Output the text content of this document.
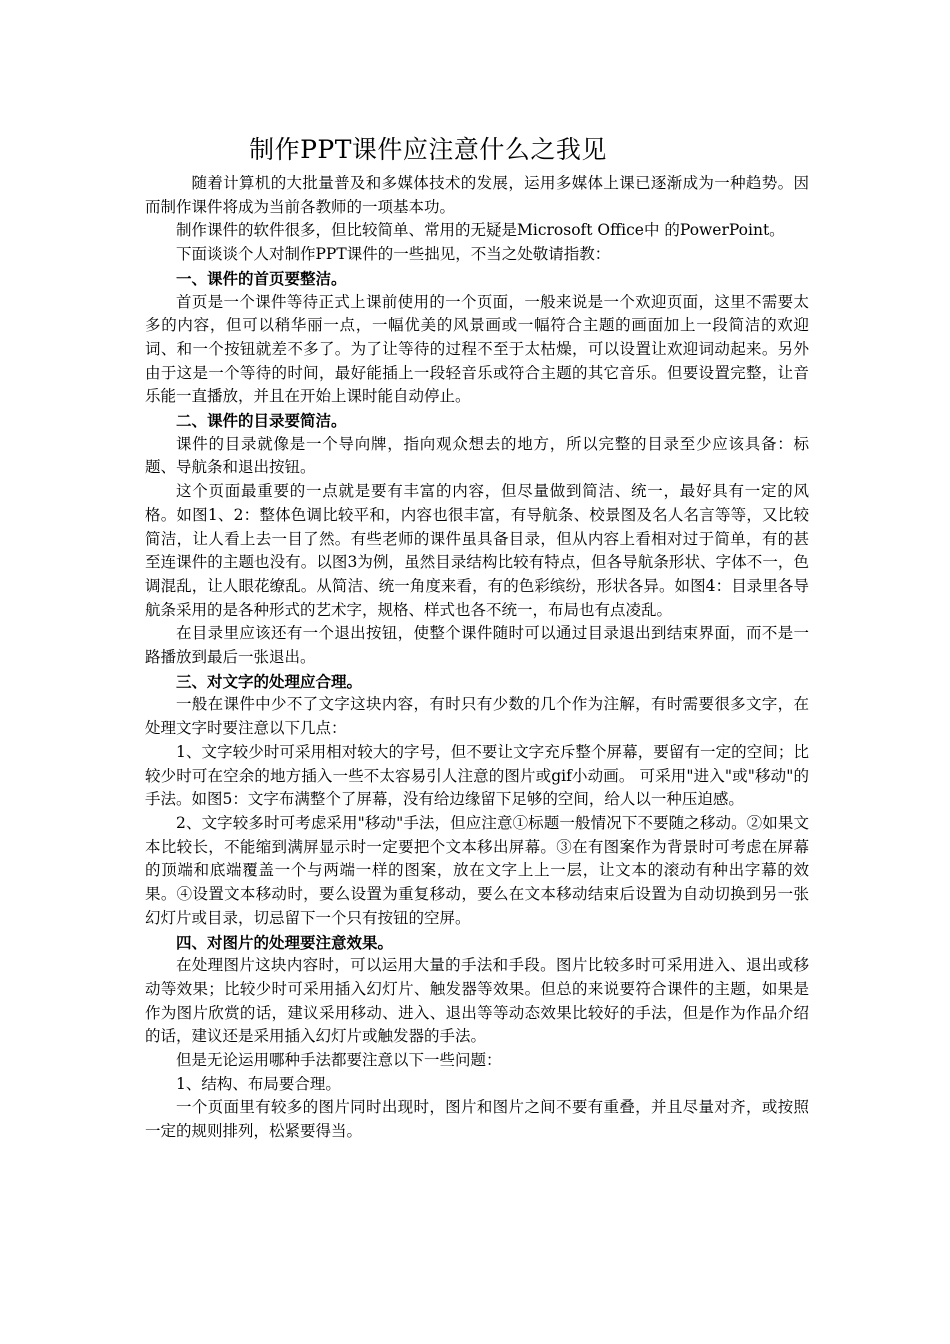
制作PPT课件应注意什么之我见

随着计算机的大批量普及和多媒体技术的发展，运用多媒体上课已逐渐成为一种趋势。因而制作课件将成为当前各教师的一项基本功。

制作课件的软件很多，但比较简单、常用的无疑是Microsoft Office中 的PowerPoint。

下面谈谈个人对制作PPT课件的一些拙见，不当之处敬请指教：

一、课件的首页要整洁。

首页是一个课件等待正式上课前使用的一个页面，一般来说是一个欢迎页面，这里不需要太多的内容，但可以稍华丽一点，一幅优美的风景画或一幅符合主题的画面加上一段简洁的欢迎词、和一个按钮就差不多了。为了让等待的过程不至于太枯燥，可以设置让欢迎词动起来。另外由于这是一个等待的时间，最好能插上一段轻音乐或符合主题的其它音乐。但要设置完整，让音乐能一直播放，并且在开始上课时能自动停止。

二、课件的目录要简洁。

课件的目录就像是一个导向牌，指向观众想去的地方，所以完整的目录至少应该具备：标题、导航条和退出按钮。

这个页面最重要的一点就是要有丰富的内容，但尽量做到简洁、统一，最好具有一定的风格。如图1、2：整体色调比较平和，内容也很丰富，有导航条、校景图及名人名言等等，又比较简洁，让人看上去一目了然。有些老师的课件虽具备目录，但从内容上看相对过于简单，有的甚至连课件的主题也没有。以图3为例，虽然目录结构比较有特点，但各导航条形状、字体不一，色调混乱，让人眼花缭乱。从简洁、统一角度来看，有的色彩缤纷，形状各异。如图4：目录里各导航条采用的是各种形式的艺术字，规格、样式也各不统一，布局也有点凌乱。

在目录里应该还有一个退出按钮，使整个课件随时可以通过目录退出到结束界面，而不是一路播放到最后一张退出。

三、对文字的处理应合理。

一般在课件中少不了文字这块内容，有时只有少数的几个作为注解，有时需要很多文字，在处理文字时要注意以下几点：

1、文字较少时可采用相对较大的字号，但不要让文字充斥整个屏幕，要留有一定的空间；比较少时可在空余的地方插入一些不太容易引人注意的图片或gif小动画。 可采用"进入"或"移动"的手法。如图5：文字布满整个了屏幕，没有给边缘留下足够的空间，给人以一种压迫感。

2、文字较多时可考虑采用"移动"手法，但应注意①标题一般情况下不要随之移动。②如果文本比较长，不能缩到满屏显示时一定要把个文本移出屏幕。③在有图案作为背景时可考虑在屏幕的顶端和底端覆盖一个与两端一样的图案，放在文字上上一层，让文本的滚动有种出字幕的效果。④设置文本移动时，要么设置为重复移动，要么在文本移动结束后设置为自动切换到另一张幻灯片或目录，切忌留下一个只有按钮的空屏。

四、对图片的处理要注意效果。

在处理图片这块内容时，可以运用大量的手法和手段。图片比较多时可采用进入、退出或移动等效果；比较少时可采用插入幻灯片、触发器等效果。但总的来说要符合课件的主题，如果是作为图片欣赏的话，建议采用移动、进入、退出等等动态效果比较好的手法，但是作为作品介绍的话，建议还是采用插入幻灯片或触发器的手法。

但是无论运用哪种手法都要注意以下一些问题：

1、结构、布局要合理。

一个页面里有较多的图片同时出现时，图片和图片之间不要有重叠，并且尽量对齐，或按照一定的规则排列，松紧要得当。
